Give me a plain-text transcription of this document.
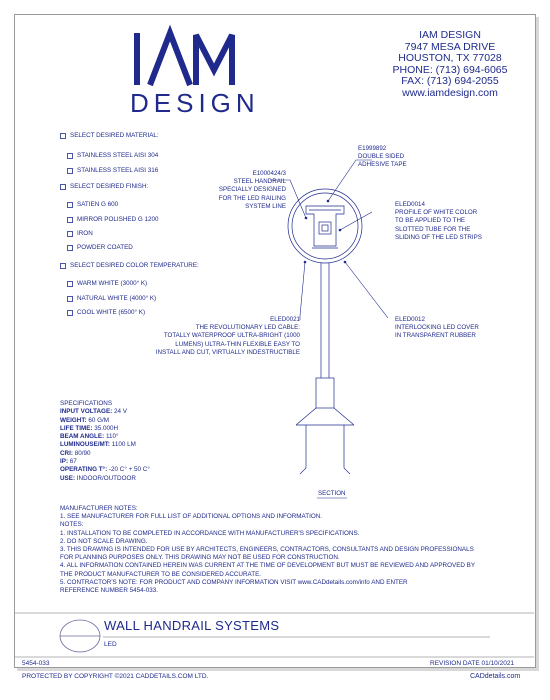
DESIGN
IAM DESIGN
7947 MESA DRIVE
HOUSTON, TX 77028
PHONE: (713) 694-6065
FAX: (713) 694-2055
www.iamdesign.com
SELECT DESIRED MATERIAL:
STAINLESS STEEL AISI 304
STAINLESS STEEL AISI 316
SELECT DESIRED FINISH:
SATIEN G 600
MIRROR POLISHED G 1200
IRON
POWDER COATED
SELECT DESIRED COLOR TEMPERATURE:
WARM WHITE (3000° K)
NATURAL WHITE (4000° K)
COOL WHITE (6500° K)
E1999892
DOUBLE SIDED
ADHESIVE TAPE
E1000424/3
STEEL HANDRAIL
SPECIALLY DESIGNED
FOR THE LED RAILING
SYSTEM LINE	ELED0014
PROFILE OF WHITE COLOR
TO BE APPLIED TO THE
SLOTTED TUBE FOR THE
SLIDING OF THE LED STRIPS
ELED0021
THE REVOLUTIONARY LED CABLE:
TOTALLY WATERPROOF ULTRA-BRIGHT (1000
LUMENS) ULTRA-THIN FLEXIBLE EASY TO
INSTALL AND CUT, VIRTUALLY INDESTRUCTIBLE
ELED0012
INTERLOCKING LED COVER
IN TRANSPARENT RUBBER
SECTION
SPECIFICATIONS
INPUT VOLTAGE: 24 V
WEIGHT: 60 G/M
LIFE TIME: 35.000H
BEAM ANGLE: 110°
LUMINOUSE/MT: 1100 LM
CRI: 80/90
IP: 67
OPERATING T°: -20 C° + 50 C°
USE: INDOOR/OUTDOOR
MANUFACTURER NOTES:
1. SEE MANUFACTURER FOR FULL LIST OF ADDITIONAL OPTIONS AND INFORMATION.
NOTES:
1. INSTALLATION TO BE COMPLETED IN ACCORDANCE WITH MANUFACTURER'S SPECIFICATIONS.
2. DO NOT SCALE DRAWING.
3. THIS DRAWING IS INTENDED FOR USE BY ARCHITECTS, ENGINEERS, CONTRACTORS, CONSULTANTS AND DESIGN PROFESSIONALS
FOR PLANNING PURPOSES ONLY. THIS DRAWING MAY NOT BE USED FOR CONSTRUCTION.
4. ALL INFORMATION CONTAINED HEREIN WAS CURRENT AT THE TIME OF DEVELOPMENT BUT MUST BE REVIEWED AND APPROVED BY
THE PRODUCT MANUFACTURER TO BE CONSIDERED ACCURATE.
5. CONTRACTOR'S NOTE: FOR PRODUCT AND COMPANY INFORMATION VISIT www.CADdetails.com/info AND ENTER
REFERENCE NUMBER 5454-033.
WALL HANDRAIL SYSTEMS
LED
5454-033	REVISION DATE 01/10/2021
PROTECTED BY COPYRIGHT ©2021 CADDETAILS.COM LTD.	CADdetails.com
